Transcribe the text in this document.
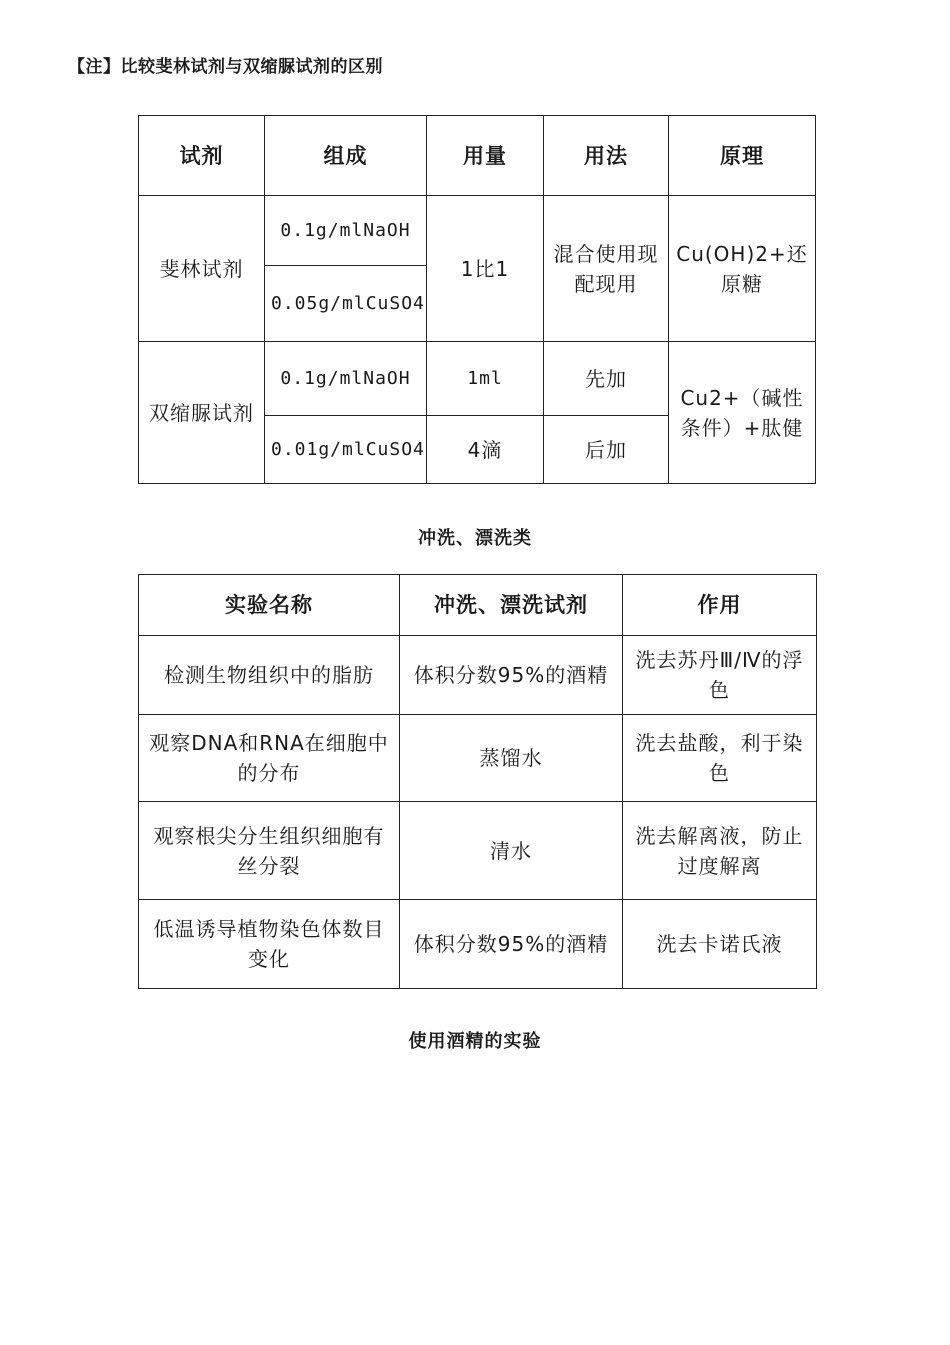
【注】比较斐林试剂与双缩脲试剂的区别
试剂	组成	用量	用法	原理
斐林试剂	0.1g/mlNaOH	1比1	混合使用现配现用	Cu(OH)2+还原糖
	0.05g/mlCuSO4			
双缩脲试剂	0.1g/mlNaOH	1ml	先加	Cu2+（碱性条件）+肽健
	0.01g/mlCuSO4	4滴	后加	
冲洗、漂洗类
实验名称	冲洗、漂洗试剂	作用
检测生物组织中的脂肪	体积分数95%的酒精	洗去苏丹Ⅲ/Ⅳ的浮色
观察DNA和RNA在细胞中的分布	蒸馏水	洗去盐酸，利于染色
观察根尖分生组织细胞有丝分裂	清水	洗去解离液，防止过度解离
低温诱导植物染色体数目变化	体积分数95%的酒精	洗去卡诺氏液
使用酒精的实验
